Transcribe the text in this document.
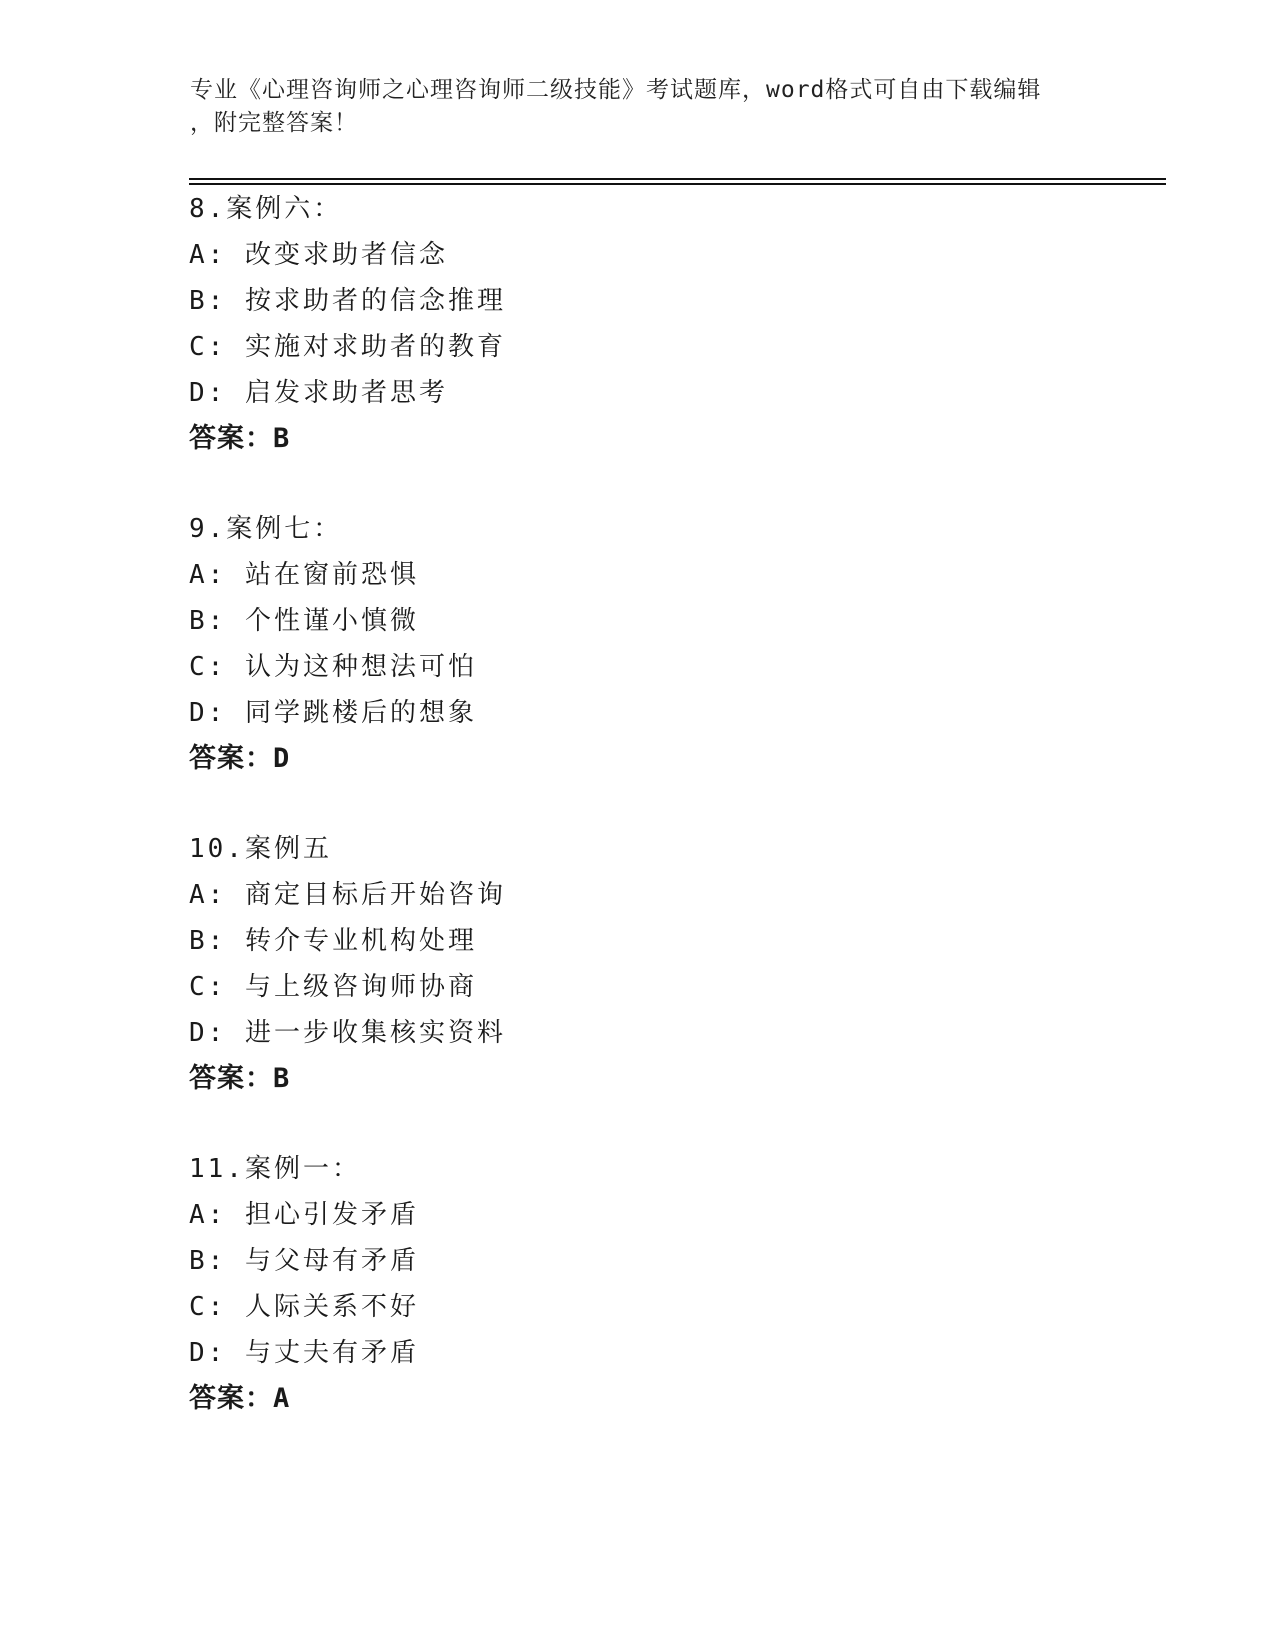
专业《心理咨询师之心理咨询师二级技能》考试题库，word格式可自由下载编辑
，附完整答案！
8.案例六：
A: 改变求助者信念
B: 按求助者的信念推理
C: 实施对求助者的教育
D: 启发求助者思考
答案：B
9.案例七：
A: 站在窗前恐惧
B: 个性谨小慎微
C: 认为这种想法可怕
D: 同学跳楼后的想象
答案：D
10.案例五
A: 商定目标后开始咨询
B: 转介专业机构处理
C: 与上级咨询师协商
D: 进一步收集核实资料
答案：B
11.案例一：
A: 担心引发矛盾
B: 与父母有矛盾
C: 人际关系不好
D: 与丈夫有矛盾
答案：A
